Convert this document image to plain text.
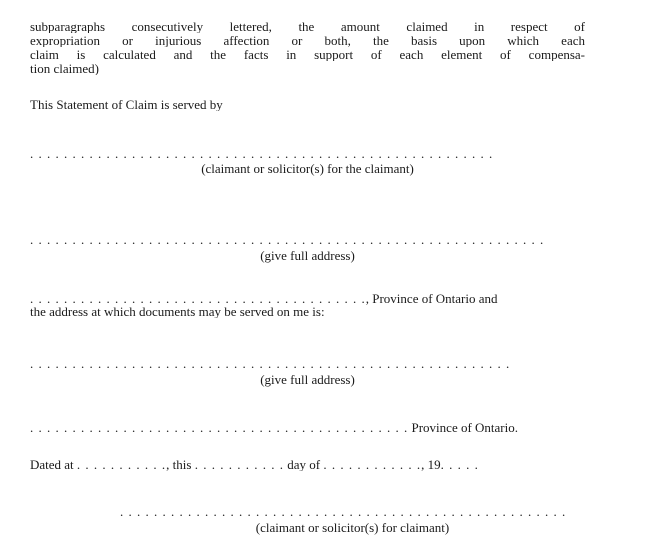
subparagraphs consecutively lettered, the amount claimed in respect of
expropriation or injurious affection or both, the basis upon which each
claim is calculated and the facts in support of each element of compensa-
tion claimed)
This Statement of Claim is served by
. . . . . . . . . . . . . . . . . . . . . . . . . . . . . . . . . . . . . . . . . . . . . . . . . . . . . . .
(claimant or solicitor(s) for the claimant)
. . . . . . . . . . . . . . . . . . . . . . . . . . . . . . . . . . . . . . . . . . . . . . . . . . . . . . . . . . . . .
(give full address)
. . . . . . . . . . . . . . . . . . . . . . . . . . . . . . . . . . . . . . . ., Province of Ontario and
the address at which documents may be served on me is:
. . . . . . . . . . . . . . . . . . . . . . . . . . . . . . . . . . . . . . . . . . . . . . . . . . . . . . . . .
(give full address)
. . . . . . . . . . . . . . . . . . . . . . . . . . . . . . . . . . . . . . . . . . . . . Province of Ontario.
Dated at . . . . . . . . . . ., this . . . . . . . . . . . day of . . . . . . . . . . . ., 19. . . . .
. . . . . . . . . . . . . . . . . . . . . . . . . . . . . . . . . . . . . . . . . . . . . . . . . . . . .
(claimant or solicitor(s) for claimant)
